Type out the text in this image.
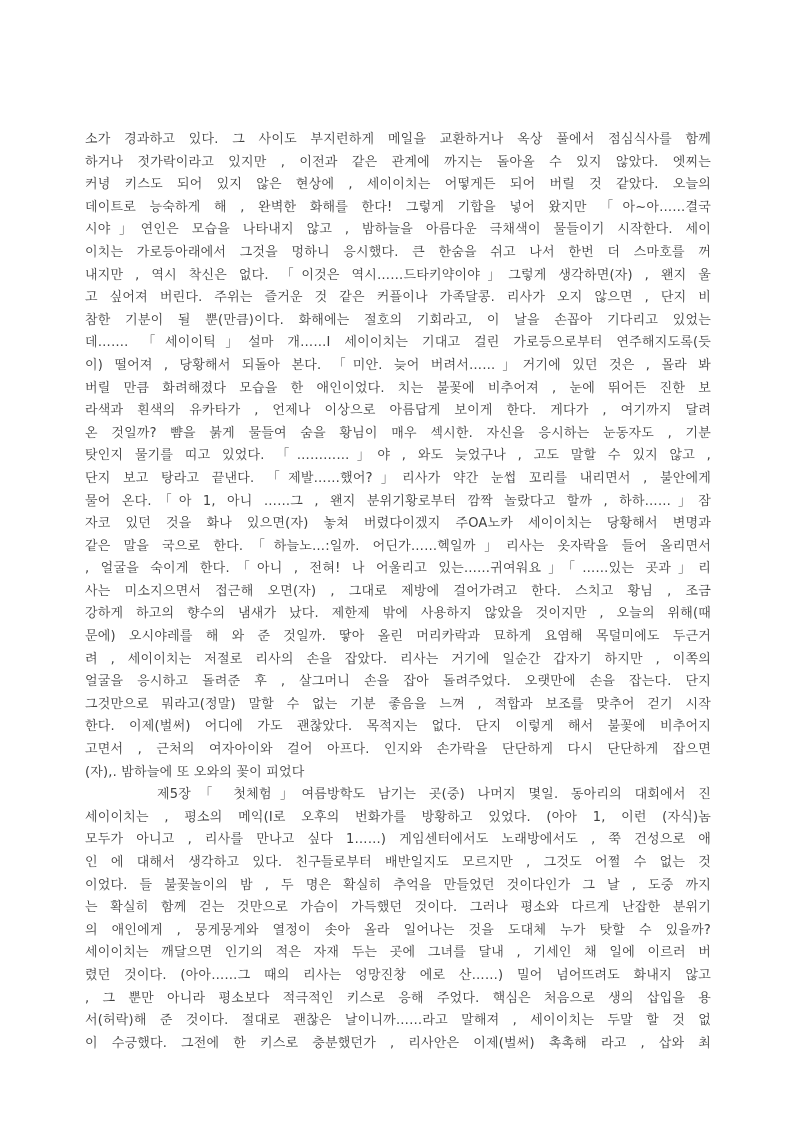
소가 경과하고 있다. 그 사이도 부지런하게 메일을 교환하거나 옥상 풀에서 점심식사를 함께
하거나 젓가락이라고 있지만 , 이전과 같은 관계에 까지는 돌아올 수 있지 않았다. 엣찌는
커녕 키스도 되어 있지 않은 현상에 , 세이이치는 어떻게든 되어 버릴 것 같았다. 오늘의
데이트로 능숙하게 해 , 완벽한 화해를 한다! 그렇게 기합을 넣어 왔지만 「아~아……결국
시야」연인은 모습을 나타내지 않고 , 밤하늘을 아름다운 극채색이 물들이기 시작한다. 세이
이치는 가로등아래에서 그것을 멍하니 응시했다. 큰 한숨을 쉬고 나서 한번 더 스마호를 꺼
내지만 , 역시 착신은 없다. 「이것은 역시……드타키약이야」그렇게 생각하면(자) , 왠지 울
고 싶어져 버린다. 주위는 즐거운 것 같은 커플이나 가족달콩. 리사가 오지 않으면 , 단지 비
참한 기분이 될 뿐(만큼)이다. 화해에는 절호의 기회라고, 이 날을 손꼽아 기다리고 있었는
데……. 「세이이틱」설마 개……I 세이이치는 기대고 걸린 가로등으로부터 연주해지도록(듯
이) 떨어져 , 당황해서 되돌아 본다. 「미안. 늦어 버려서……」거기에 있던 것은 , 몰라 봐
버릴 만큼 화려해졌다 모습을 한 애인이었다. 치는 불꽃에 비추어져 , 눈에 뛰어든 진한 보
라색과 흰색의 유카타가 , 언제나 이상으로 아름답게 보이게 한다. 게다가 , 여기까지 달려
온 것일까? 뺨을 붉게 물들여 숨을 황님이 매우 섹시한. 자신을 응시하는 눈동자도 , 기분
탓인지 물기를 띠고 있었다. 「…………」야 , 와도 늦었구나 , 고도 말할 수 있지 않고 ,
단지 보고 탕라고 끝낸다. 「제발……했어?」리사가 약간 눈썹 꼬리를 내리면서 , 불안에게
물어 온다.「아 1, 아니 ……그 , 왠지 분위기황로부터 깜짝 놀랐다고 할까 , 하하……」잠
자코 있던 것을 화나 있으면(자) 놓쳐 버렸다이겠지 주OA노카 세이이치는 당황해서 변명과
같은 말을 국으로 한다.「하늘노…:일까. 어딘가……헥일까」리사는 옷자락을 들어 올리면서
, 얼굴을 숙이게 한다.「아니 , 전혀! 나 어울리고 있는……귀여워요」「……있는 곳과」리
사는 미소지으면서 접근해 오면(자) , 그대로 제방에 걸어가려고 한다. 스치고 황님 , 조금
강하게 하고의 향수의 냄새가 났다. 제한제 밖에 사용하지 않았을 것이지만 , 오늘의 위해(때
문에) 오시야레를 해 와 준 것일까. 땋아 올린 머리카락과 묘하게 요염해 목덜미에도 두근거
려 , 세이이치는 저절로 리사의 손을 잡았다. 리사는 거기에 일순간 갑자기 하지만 , 이쪽의
얼굴을 응시하고 돌려준 후 , 살그머니 손을 잡아 돌려주었다. 오랫만에 손을 잡는다. 단지
그것만으로 뭐라고(정말) 말할 수 없는 기분 좋음을 느껴 , 적합과 보조를 맞추어 걷기 시작
한다. 이제(벌써) 어디에 가도 괜찮았다. 목적지는 없다. 단지 이렇게 해서 불꽃에 비추어지
고면서 , 근처의 여자아이와 걸어 아프다. 인지와 손가락을 단단하게 다시 단단하게 잡으면
(자),. 밤하늘에 또 오와의 꽃이 피었다
제5장「 첫체험」여름방학도 남기는 곳(중) 나머지 몇일. 동아리의 대회에서 진
세이이치는 , 평소의 메익(I로 오후의 번화가를 방황하고 있었다. (아아 1, 이런 (자식)놈
모두가 아니고 , 리사를 만나고 싶다 1……) 게임센터에서도 노래방에서도 , 쭉 건성으로 애
인 에 대해서 생각하고 있다. 친구들로부터 배반일지도 모르지만 , 그것도 어쩔 수 없는 것
이었다. 들 불꽃놀이의 밤 , 두 명은 확실히 추억을 만들었던 것이다인가 그 날 , 도중 까지
는 확실히 함께 걷는 것만으로 가슴이 가득했던 것이다. 그러나 평소와 다르게 난잡한 분위기
의 애인에게 , 뭉게뭉게와 열정이 솟아 올라 일어나는 것을 도대체 누가 탓할 수 있을까?
세이이치는 깨달으면 인기의 적은 자재 두는 곳에 그녀를 달내 , 기세인 채 일에 이르러 버
렸던 것이다. (아아……그 때의 리사는 엉망진창 에로 산……) 밀어 넘어뜨려도 화내지 않고
, 그 뿐만 아니라 평소보다 적극적인 키스로 응해 주었다. 핵심은 처음으로 생의 삽입을 용
서(허락)해 준 것이다. 절대로 괜찮은 날이니까……라고 말해져 , 세이이치는 두말 할 것 없
이 수긍했다. 그전에 한 키스로 충분했던가 , 리사안은 이제(벌써) 촉촉해 라고 , 삽와 최
